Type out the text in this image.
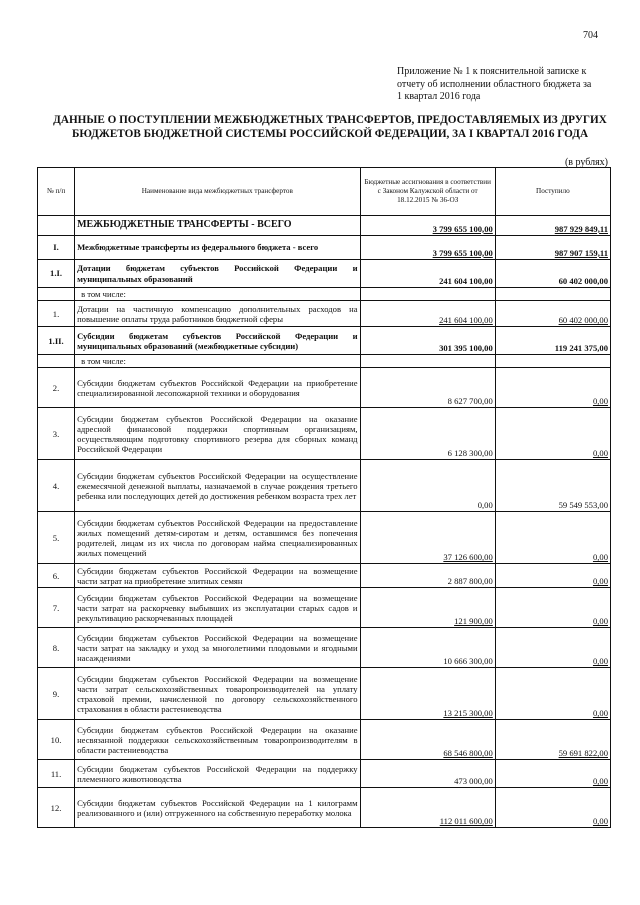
704
Приложение № 1 к пояснительной записке к
отчету об исполнении областного бюджета за
1 квартал 2016 года
ДАННЫЕ О ПОСТУПЛЕНИИ МЕЖБЮДЖЕТНЫХ ТРАНСФЕРТОВ, ПРЕДОСТАВЛЯЕМЫХ ИЗ ДРУГИХ
БЮДЖЕТОВ БЮДЖЕТНОЙ СИСТЕМЫ РОССИЙСКОЙ ФЕДЕРАЦИИ, ЗА I КВАРТАЛ 2016 ГОДА
(в рублях)
№ п/п	Наименование вида межбюджетных трансфертов	Бюджетные ассигнования в соответствии с Законом Калужской области от 18.12.2015 № 36-ОЗ	Поступило
	МЕЖБЮДЖЕТНЫЕ ТРАНСФЕРТЫ - ВСЕГО	3 799 655 100,00	987 929 849,11
I.	Межбюджетные трансферты из федерального бюджета - всего	3 799 655 100,00	987 907 159,11
1.I.	Дотации бюджетам субъектов Российской Федерации и муниципальных образований	241 604 100,00	60 402 000,00
	в том числе:		
1.	Дотации на частичную компенсацию дополнительных расходов на повышение оплаты труда работников бюджетной сферы	241 604 100,00	60 402 000,00
1.II.	Субсидии бюджетам субъектов Российской Федерации и муниципальных образований (межбюджетные субсидии)	301 395 100,00	119 241 375,00
	в том числе:		
2.	Субсидии бюджетам субъектов Российской Федерации на приобретение специализированной лесопожарной техники и оборудования	8 627 700,00	0,00
3.	Субсидии бюджетам субъектов Российской Федерации на оказание адресной финансовой поддержки спортивным организациям, осуществляющим подготовку спортивного резерва для сборных команд Российской Федерации	6 128 300,00	0,00
4.	Субсидии бюджетам субъектов Российской Федерации на осуществление ежемесячной денежной выплаты, назначаемой в случае рождения третьего ребенка или последующих детей до достижения ребенком возраста трех лет	0,00	59 549 553,00
5.	Субсидии бюджетам субъектов Российской Федерации на предоставление жилых помещений детям-сиротам и детям, оставшимся без попечения родителей, лицам из их числа по договорам найма специализированных жилых помещений	37 126 600,00	0,00
6.	Субсидии бюджетам субъектов Российской Федерации на возмещение части затрат на приобретение элитных семян	2 887 800,00	0,00
7.	Субсидии бюджетам субъектов Российской Федерации на возмещение части затрат на раскорчевку выбывших из эксплуатации старых садов и рекультивацию раскорчеванных площадей	121 900,00	0,00
8.	Субсидии бюджетам субъектов Российской Федерации на возмещение части затрат на закладку и уход за многолетними плодовыми и ягодными насаждениями	10 666 300,00	0,00
9.	Субсидии бюджетам субъектов Российской Федерации на возмещение части затрат сельскохозяйственных товаропроизводителей на уплату страховой премии, начисленной по договору сельскохозяйственного страхования в области растениеводства	13 215 300,00	0,00
10.	Субсидии бюджетам субъектов Российской Федерации на оказание несвязанной поддержки сельскохозяйственным товаропроизводителям в области растениеводства	68 546 800,00	59 691 822,00
11.	Субсидии бюджетам субъектов Российской Федерации на поддержку племенного животноводства	473 000,00	0,00
12.	Субсидии бюджетам субъектов Российской Федерации на 1 килограмм реализованного и (или) отгруженного на собственную переработку молока	112 011 600,00	0,00
